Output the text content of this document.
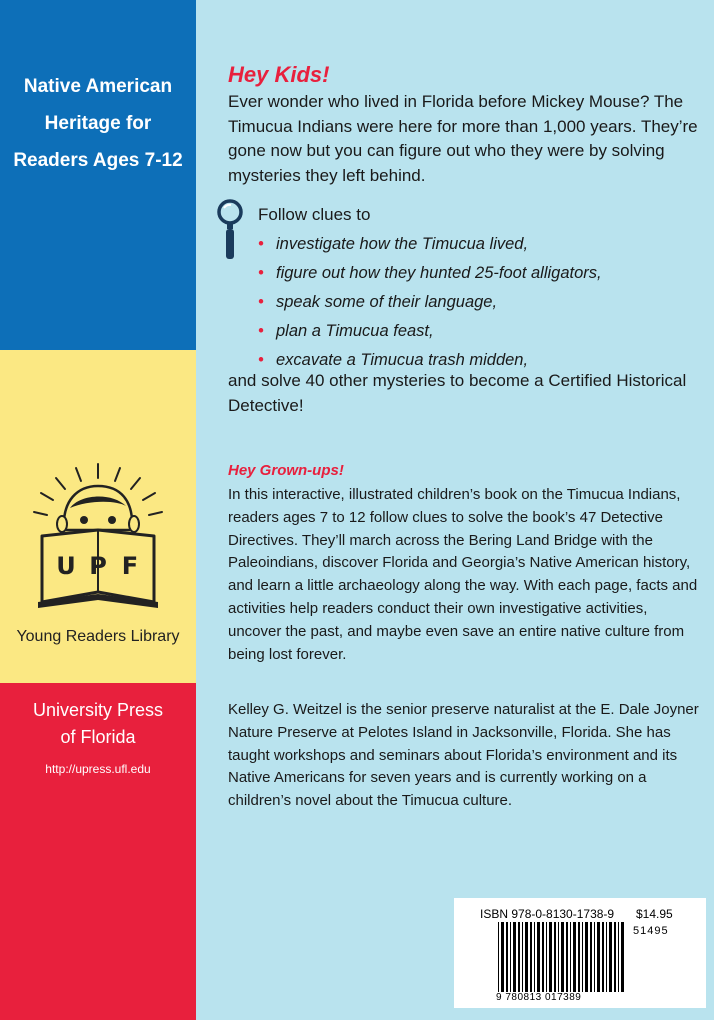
Native American
Heritage for
Readers Ages 7-12
U P F
Young Readers Library
University Press
of Florida
http://upress.ufl.edu
Hey Kids!
Ever wonder who lived in Florida before Mickey Mouse? The Timucua Indians were here for more than 1,000 years. They’re gone now but you can figure out who they were by solving mysteries they left behind.
Follow clues to
• investigate how the Timucua lived,
• figure out how they hunted 25-foot alligators,
• speak some of their language,
• plan a Timucua feast,
• excavate a Timucua trash midden,
and solve 40 other mysteries to become a Certified Historical Detective!
Hey Grown-ups!
In this interactive, illustrated children’s book on the Timucua Indians, readers ages 7 to 12 follow clues to solve the book’s 47 Detective Directives. They’ll march across the Bering Land Bridge with the Paleoindians, discover Florida and Georgia’s Native American history, and learn a little archaeology along the way. With each page, facts and activities help readers conduct their own investigative activities, uncover the past, and maybe even save an entire native culture from being lost forever.
Kelley G. Weitzel is the senior preserve naturalist at the E. Dale Joyner Nature Preserve at Pelotes Island in Jacksonville, Florida. She has taught workshops and seminars about Florida’s environment and its Native Americans for seven years and is currently working on a children’s novel about the Timucua culture.
ISBN 978-0-8130-1738-9 $14.95
51495
9 780813 017389
